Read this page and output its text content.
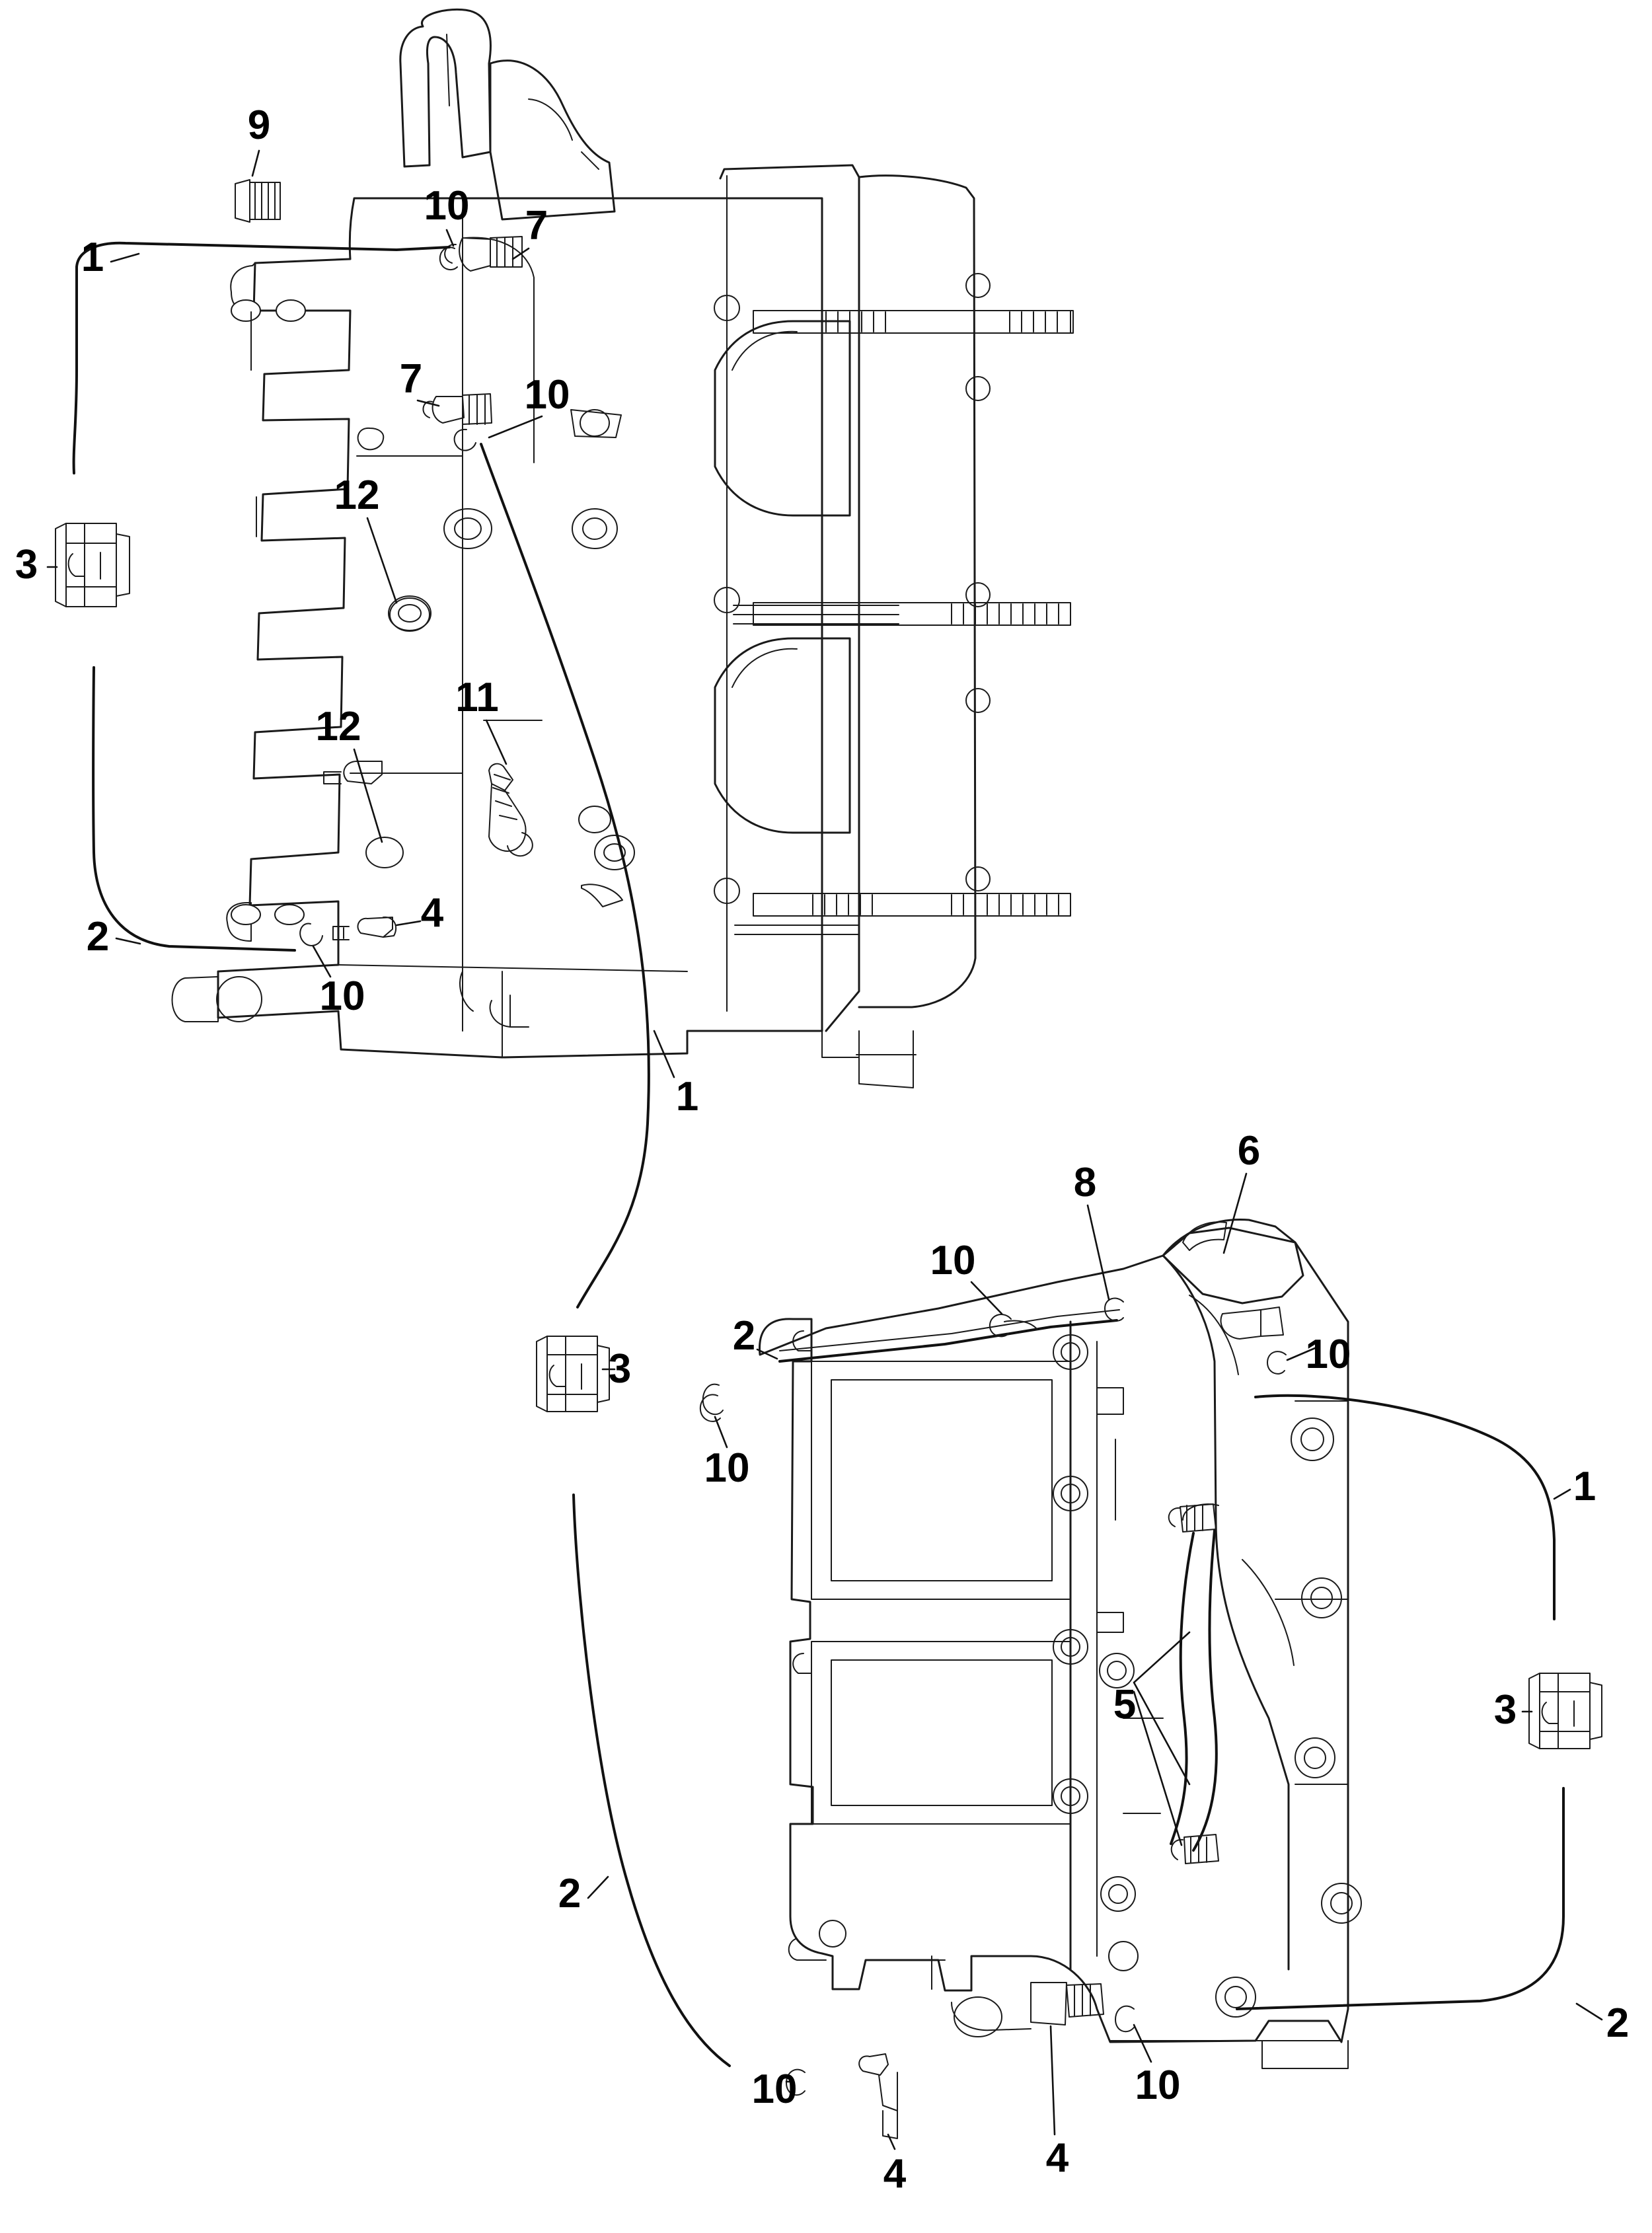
9
10 7
1
7 10
12
3
11
12
4
2
10
1
8
6
10
2	10
3
10	1
5	3
2
2
10	10
4	4
